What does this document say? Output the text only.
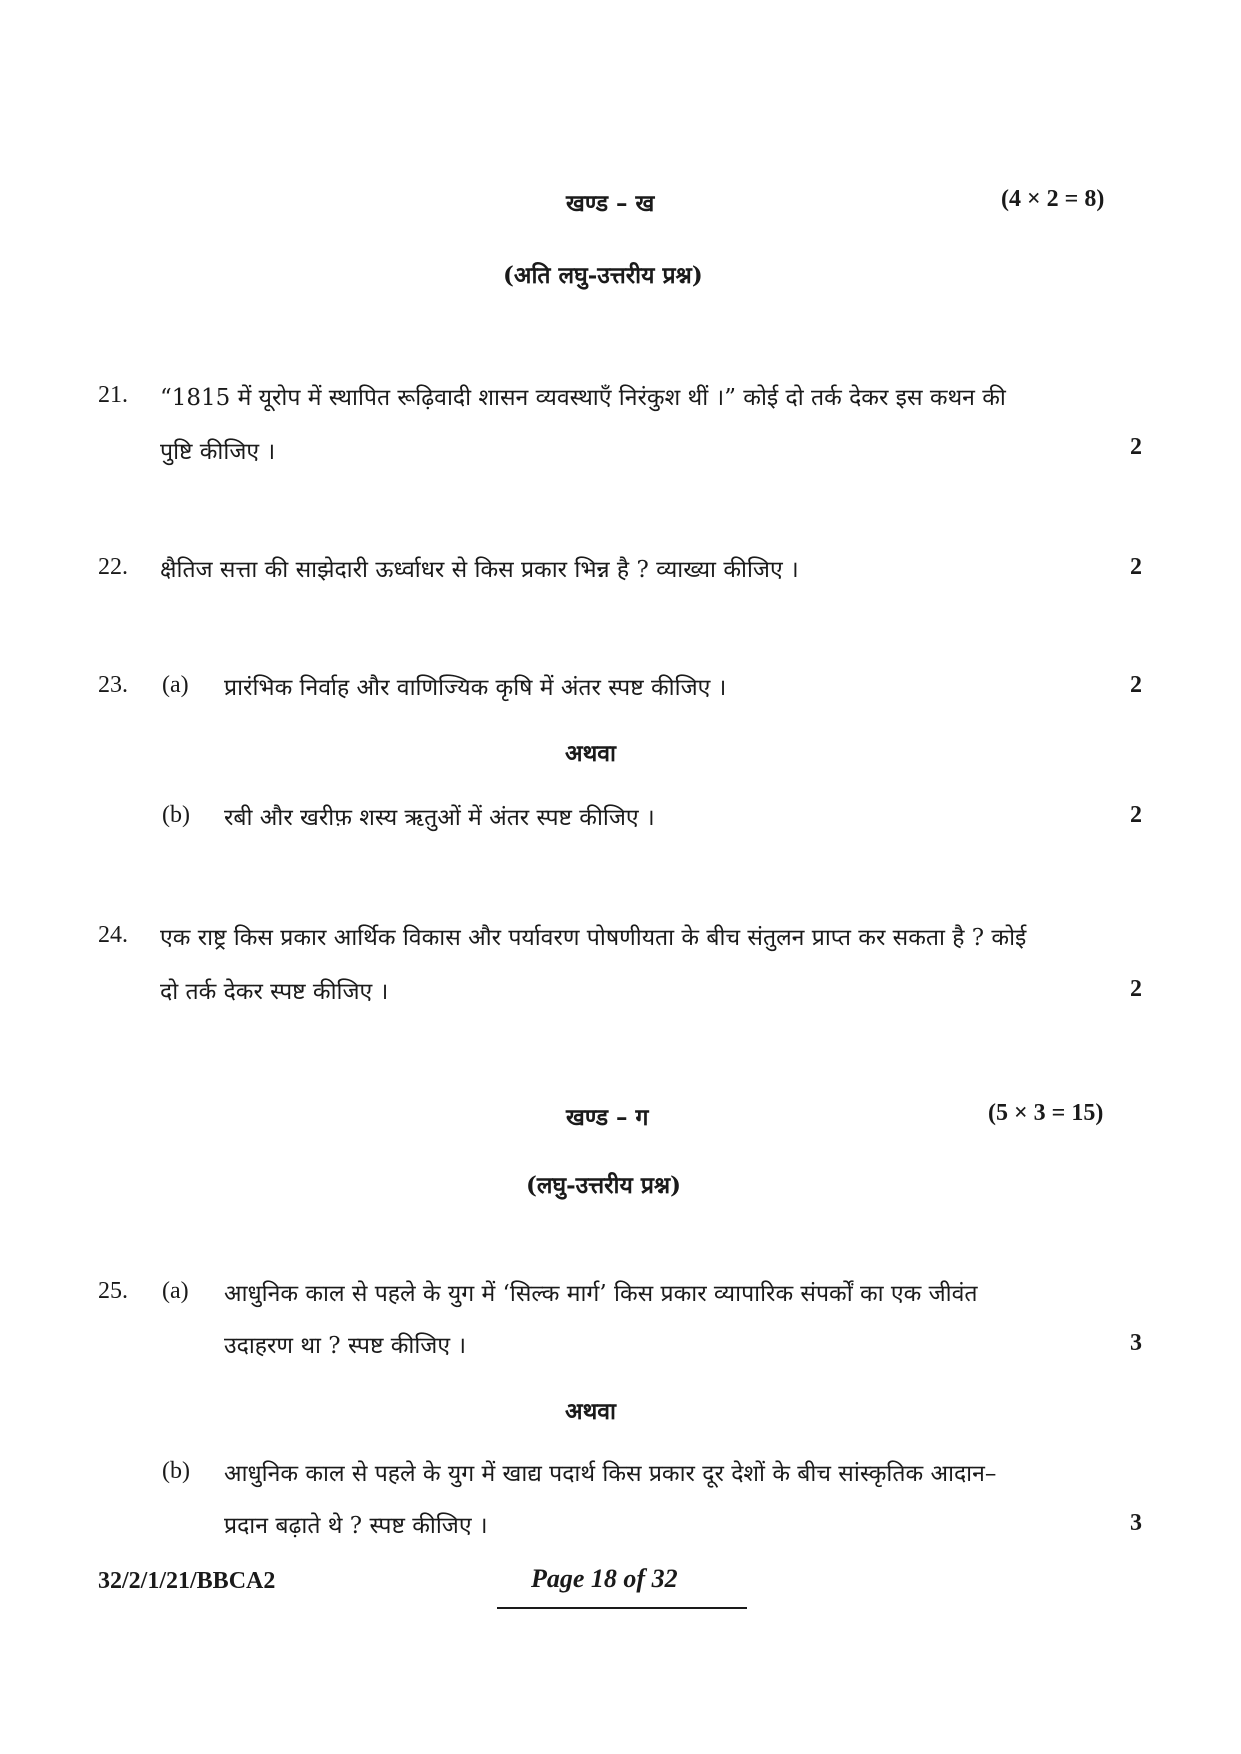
खण्ड – ख	(4 × 2 = 8)
(अति लघु-उत्तरीय प्रश्न)
21. “1815 में यूरोप में स्थापित रूढ़िवादी शासन व्यवस्थाएँ निरंकुश थीं ।” कोई दो तर्क देकर इस कथन की
पुष्टि कीजिए ।	2
22. क्षैतिज सत्ता की साझेदारी ऊर्ध्वाधर से किस प्रकार भिन्न है ? व्याख्या कीजिए ।	2
23. (a) प्रारंभिक निर्वाह और वाणिज्यिक कृषि में अंतर स्पष्ट कीजिए ।	2
अथवा
(b) रबी और खरीफ़ शस्य ऋतुओं में अंतर स्पष्ट कीजिए ।	2
24. एक राष्ट्र किस प्रकार आर्थिक विकास और पर्यावरण पोषणीयता के बीच संतुलन प्राप्त कर सकता है ? कोई
दो तर्क देकर स्पष्ट कीजिए ।	2
खण्ड – ग	(5 × 3 = 15)
(लघु-उत्तरीय प्रश्न)
25. (a) आधुनिक काल से पहले के युग में ‘सिल्क मार्ग’ किस प्रकार व्यापारिक संपर्कों का एक जीवंत
उदाहरण था ? स्पष्ट कीजिए ।	3
अथवा
(b) आधुनिक काल से पहले के युग में खाद्य पदार्थ किस प्रकार दूर देशों के बीच सांस्कृतिक आदान–
प्रदान बढ़ाते थे ? स्पष्ट कीजिए ।	3
32/2/1/21/BBCA2	Page 18 of 32
